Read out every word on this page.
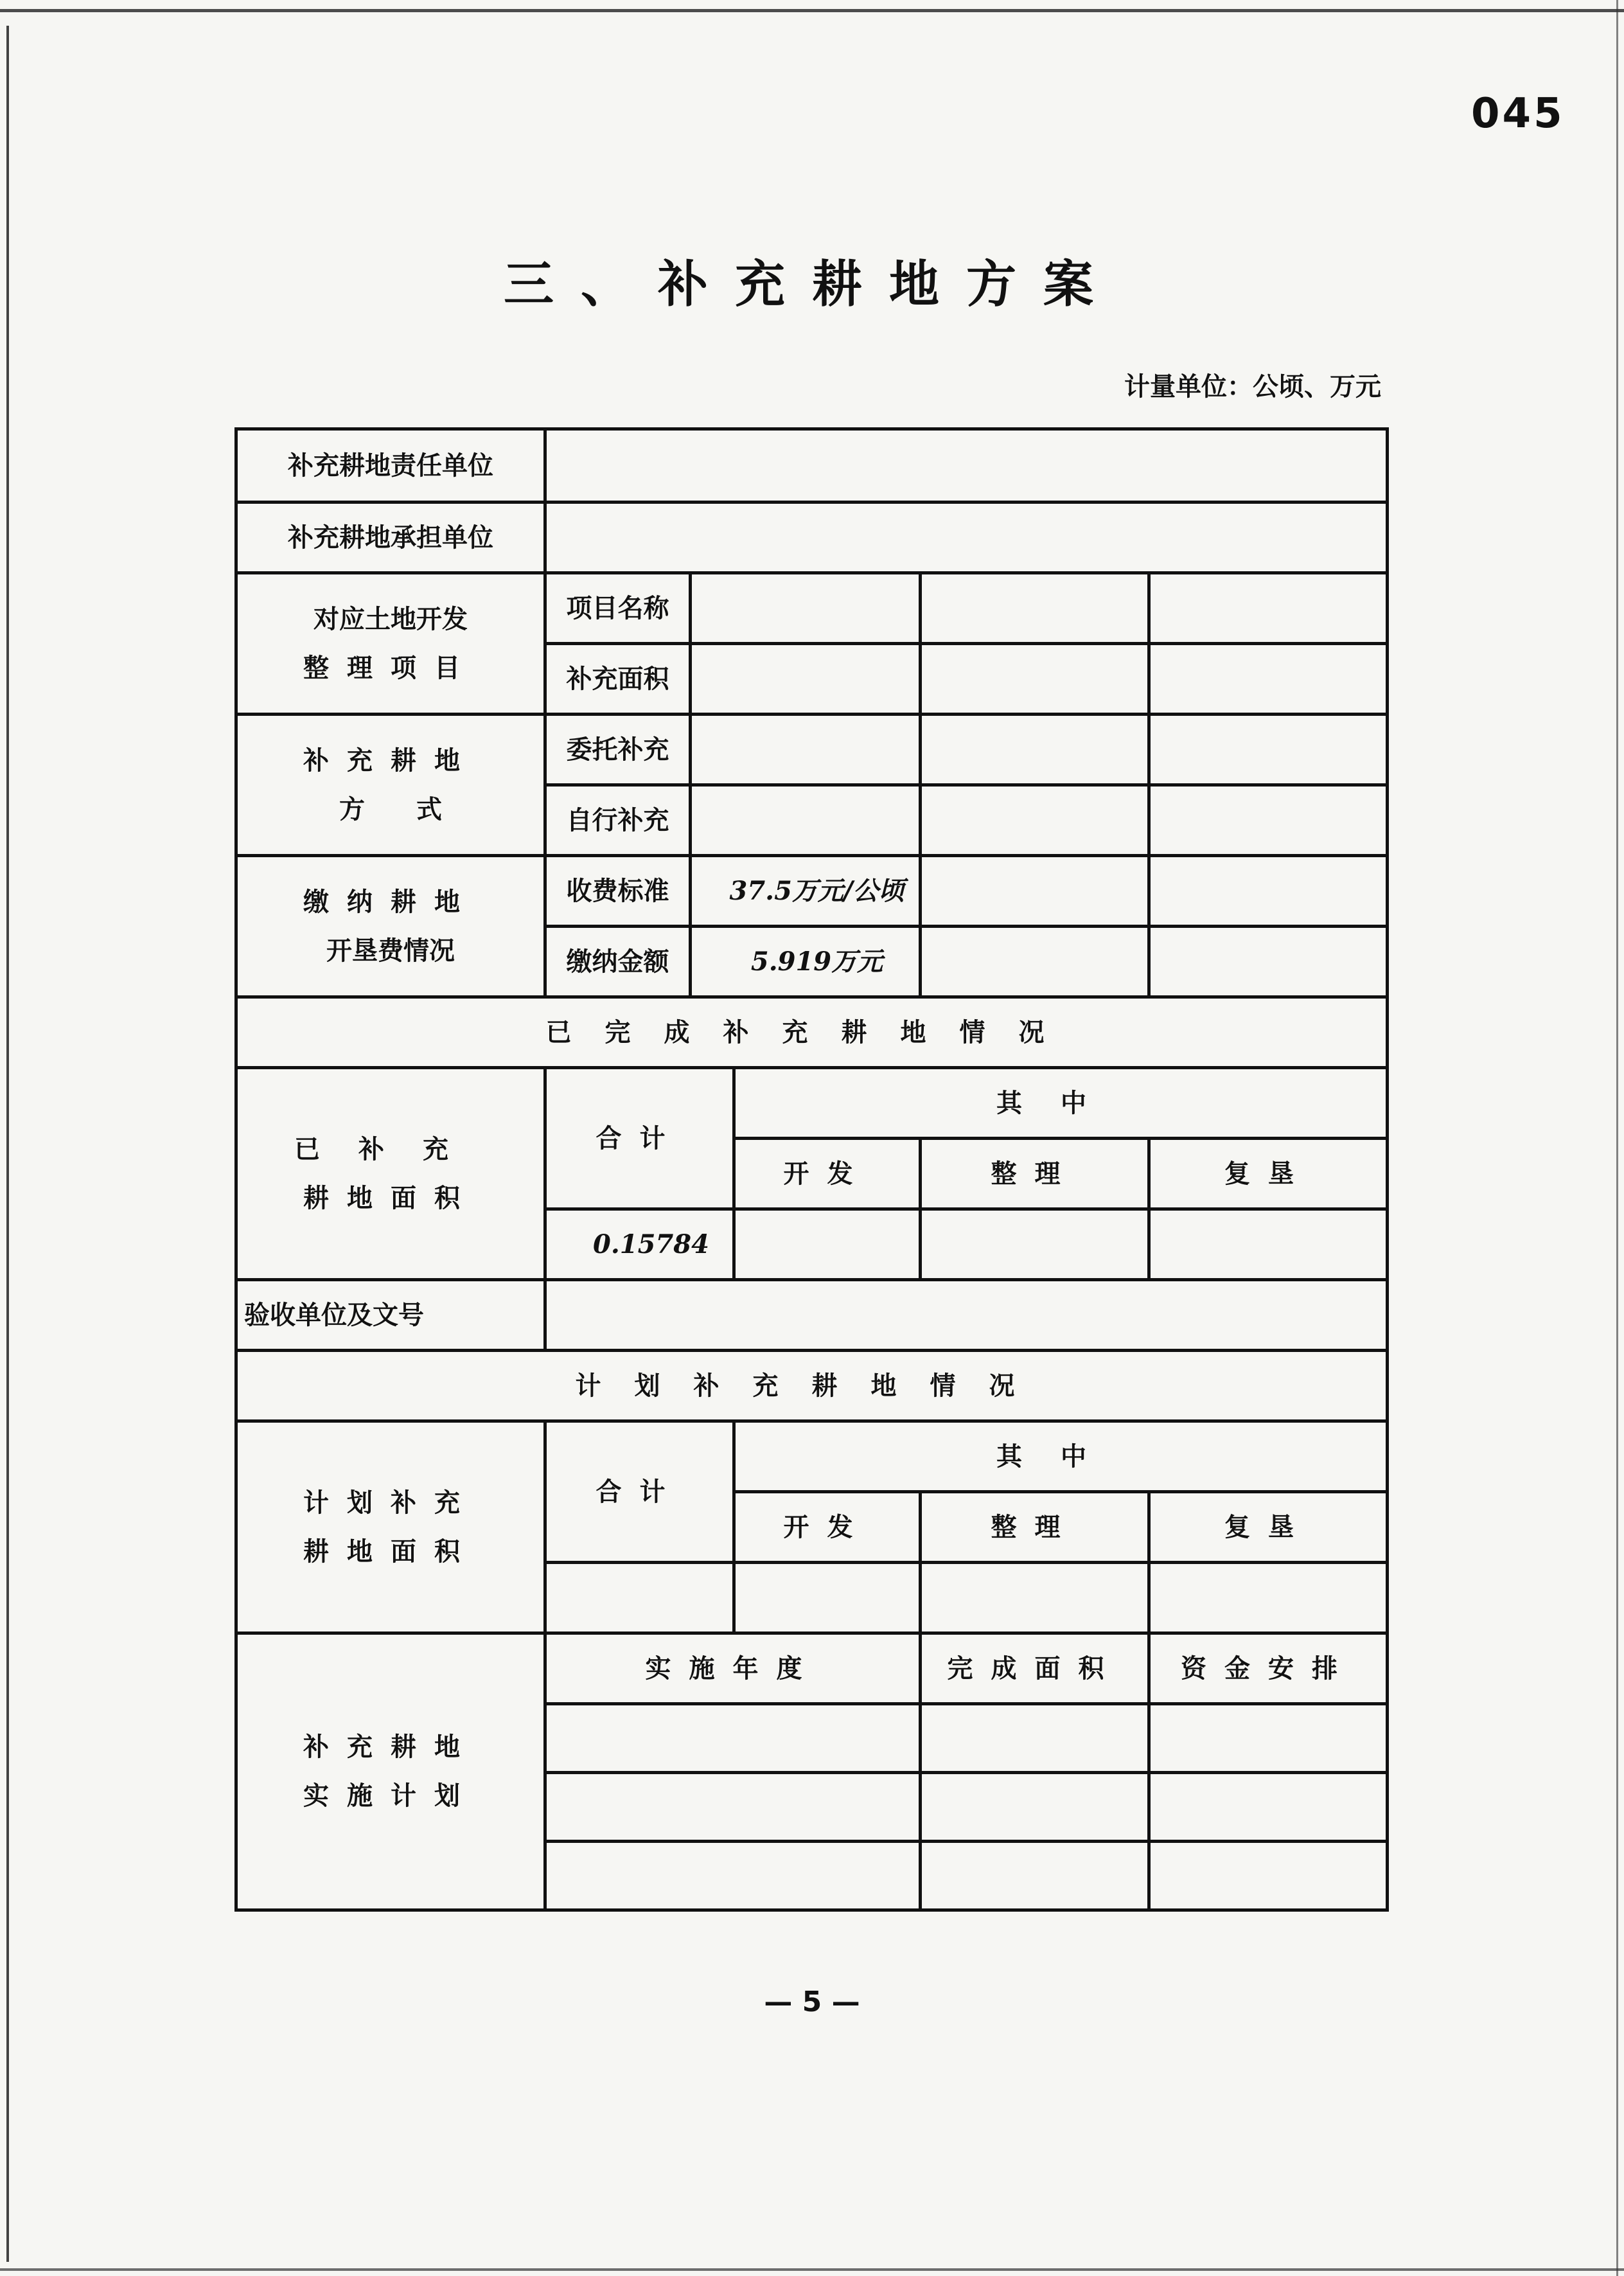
045
三、补充耕地方案
计量单位：公顷、万元
补充耕地责任单位					
补充耕地承担单位					

对应土地开发
整理项目	项目名称				
	补充面积				

补充耕地
方　　式	委托补充				
	自行补充				

缴纳耕地
开垦费情况	收费标准	37.5万元/公顷			
	缴纳金额	5.919万元			
已完成补充耕地情况					

已补充
耕地面积	合计		其中		
			开发	整理	复垦
	0.15784				
验收单位及文号					
计划补充耕地情况					

计划补充
耕地面积	合计		其中		
			开发	整理	复垦

补充耕地
实施计划	实施年度			完成面积	资金安排

— 5 —
